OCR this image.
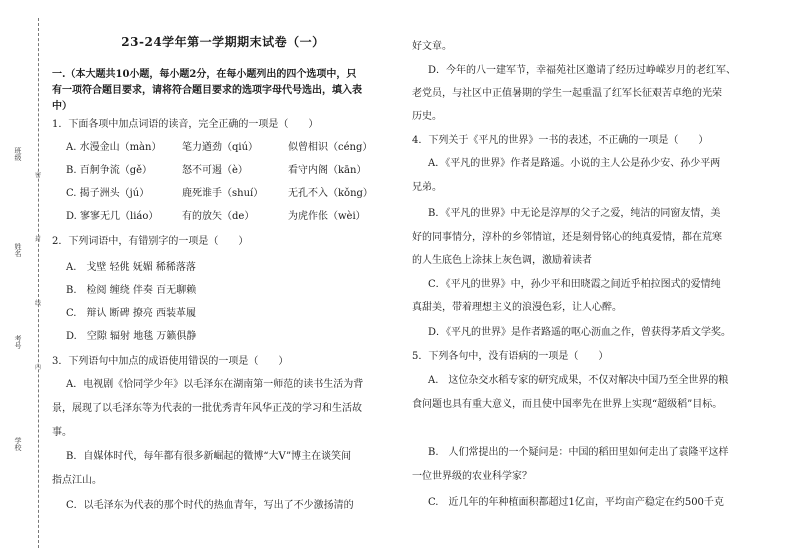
班级
姓名
考号
学校
密
封
线
内
23-24学年第一学期期末试卷（一）
一.（本大题共10小题，每小题2分，在每小题列出的四个选项中，只
有一项符合题目要求，请将符合题目要求的选项字母代号选出，填入表
中）
1．下面各项中加点词语的读音，完全正确的一项是（　　）
A. 水漫金山（màn） 笔力遒劲（qiú）	似曾相识（céng）
B. 百舸争流（gě）	怒不可遏（è）	看守内阁（kān）
C. 揭子洲头（jú）	鹿死谁手（shuí） 无孔不入（kǒng）
D. 寥寥无几（liáo） 有的放矢（de）	为虎作伥（wèi）
2．下列词语中，有错别字的一项是（　　）
A.　戈壁 轻佻 妩媚 稀稀落落
B.　检阅 缠绕 伴奏 百无聊赖
C.　辩认 断碑 撩亮 西装革履
D.　空隙 辐射 地毯 万籁俱静
3．下列语句中加点的成语使用错误的一项是（　　）
A．电视剧《恰同学少年》以毛泽东在湖南第一师范的读书生活为背
景，展现了以毛泽东等为代表的一批优秀青年风华正茂的学习和生活故
事。
B．自媒体时代，每年都有很多新崛起的微博“大V”博主在谈笑间
指点江山。
C．以毛泽东为代表的那个时代的热血青年，写出了不少激扬清的
好文章。
D．今年的八一建军节，幸福苑社区邀请了经历过峥嵘岁月的老红军、
老党员，与社区中正值暑期的学生一起重温了红军长征艰苦卓绝的光荣
历史。
4．下列关于《平凡的世界》一书的表述，不正确的一项是（　　）
A．《平凡的世界》作者是路遥。小说的主人公是孙少安、孙少平两
兄弟。
B．《平凡的世界》中无论是淳厚的父子之爱，纯洁的同窗友情，美
好的同事情分，淳朴的乡邻情谊，还是刻骨铭心的纯真爱情，都在荒寒
的人生底色上涂抹上灰色调，激励着读者
C．《平凡的世界》中，孙少平和田晓霞之间近乎柏拉图式的爱情纯
真甜美，带着理想主义的浪漫色彩，让人心醉。
D．《平凡的世界》是作者路遥的呕心沥血之作，曾获得茅盾文学奖。
5．下列各句中，没有语病的一项是（　　）
A.　这位杂交水稻专家的研究成果，不仅对解决中国乃至全世界的粮
食问题也具有重大意义，而且使中国率先在世界上实现“超级稻”目标。
B.　人们常提出的一个疑问是：中国的稻田里如何走出了袁隆平这样
一位世界级的农业科学家？
C.　近几年的年种植面积都超过1亿亩，平均亩产稳定在约500千克
